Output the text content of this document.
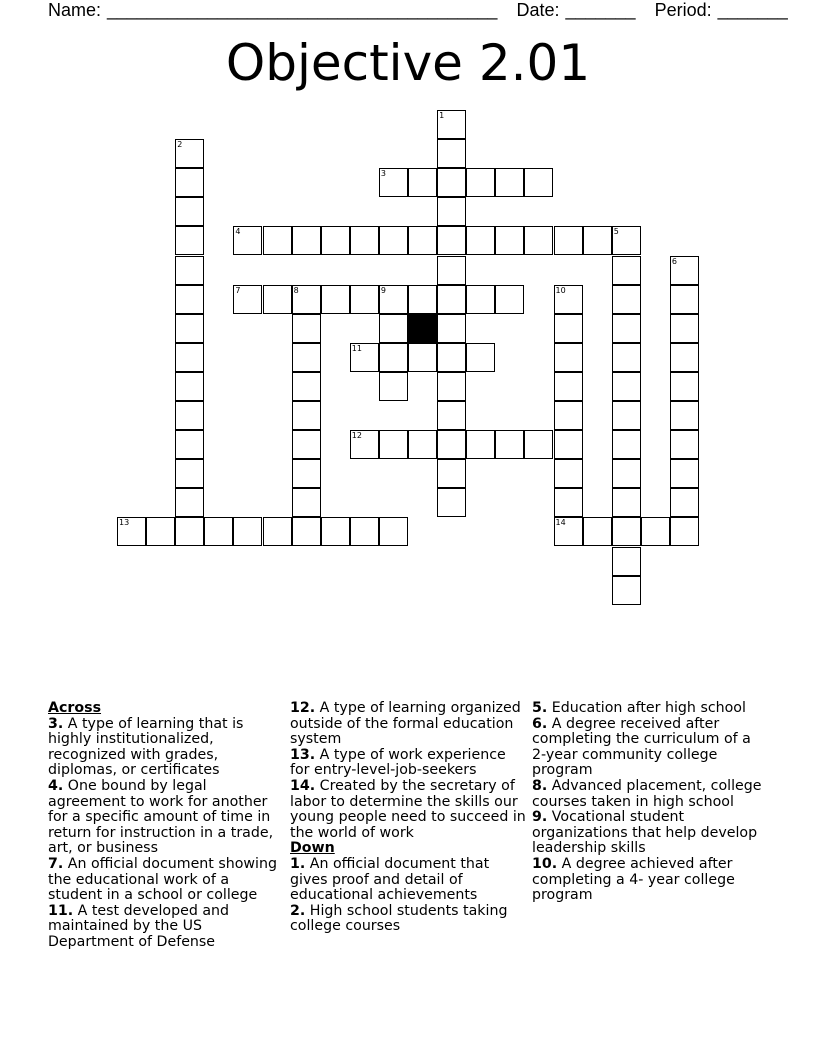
Name: _______________________________________ Date: _______ Period: _______
Objective 2.01
1
2
3
4	5
6
7	8	9	10
11
12
13	14

Across

3. A type of learning that is highly institutionalized, recognized with grades, diplomas, or certificates

4. One bound by legal agreement to work for another for a specific amount of time in return for instruction in a trade, art, or business

7. An official document showing the educational work of a student in a school or college

11. A test developed and maintained by the US Department of Defense

12. A type of learning organized outside of the formal education system

13. A type of work experience for entry-level-job-seekers

14. Created by the secretary of labor to determine the skills our young people need to succeed in the world of work

Down

1. An official document that gives proof and detail of educational achievements

2. High school students taking college courses

5. Education after high school

6. A degree received after completing the curriculum of a 2-year community college program

8. Advanced placement, college courses taken in high school

9. Vocational student organizations that help develop leadership skills

10. A degree achieved after completing a 4- year college program
